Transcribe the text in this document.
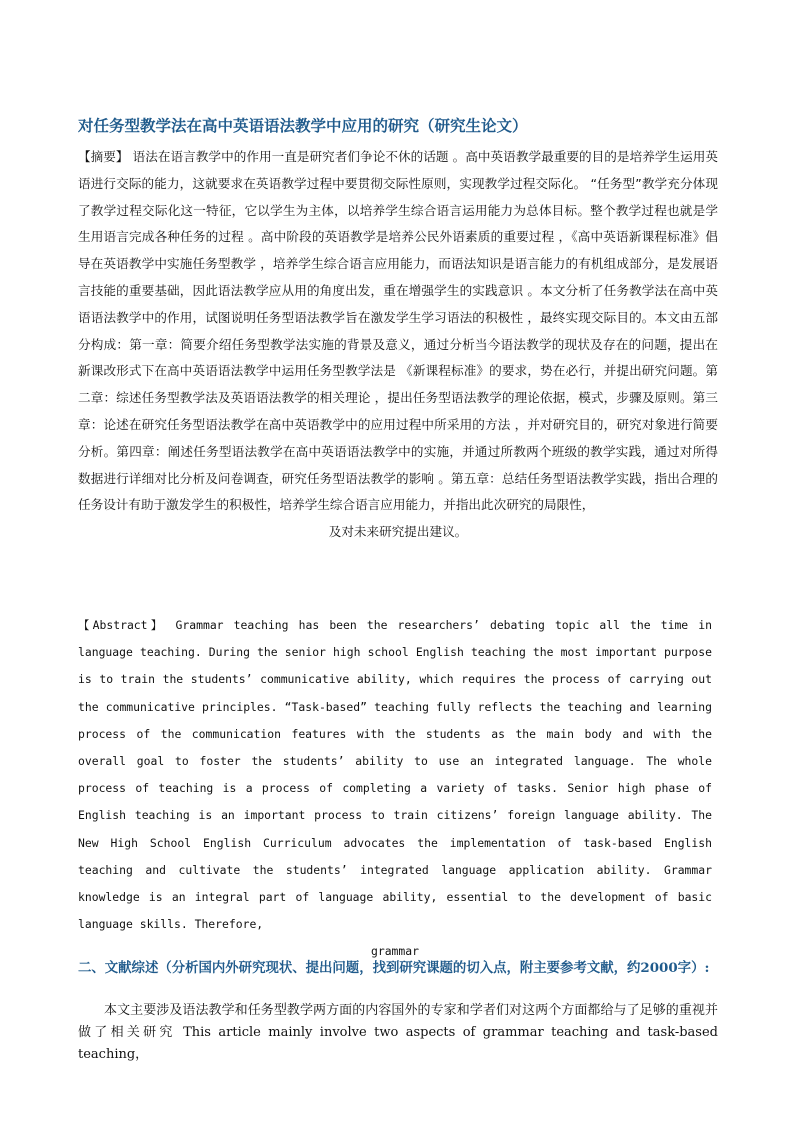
对任务型教学法在高中英语语法教学中应用的研究（研究生论文）

【摘要】 语法在语言教学中的作用一直是研究者们争论不休的话题 。高中英语教学最重要的目的是培养学生运用英语进行交际的能力，这就要求在英语教学过程中要贯彻交际性原则，实现教学过程交际化。 “任务型”教学充分体现了教学过程交际化这一特征，它以学生为主体，以培养学生综合语言运用能力为总体目标。整个教学过程也就是学生用语言完成各种任务的过程 。高中阶段的英语教学是培养公民外语素质的重要过程 ，《高中英语新课程标准》倡导在英语教学中实施任务型教学 ，培养学生综合语言应用能力，而语法知识是语言能力的有机组成部分，是发展语言技能的重要基础，因此语法教学应从用的角度出发，重在增强学生的实践意识 。本文分析了任务教学法在高中英语语法教学中的作用，试图说明任务型语法教学旨在激发学生学习语法的积极性 ，最终实现交际目的。本文由五部分构成：第一章：简要介绍任务型教学法实施的背景及意义，通过分析当今语法教学的现状及存在的问题，提出在新课改形式下在高中英语语法教学中运用任务型教学法是 《新课程标准》的要求，势在必行，并提出研究问题。第二章：综述任务型教学法及英语语法教学的相关理论 ，提出任务型语法教学的理论依据，模式，步骤及原则。第三章：论述在研究任务型语法教学在高中英语教学中的应用过程中所采用的方法 ，并对研究目的，研究对象进行简要分析。第四章：阐述任务型语法教学在高中英语语法教学中的实施，并通过所教两个班级的教学实践，通过对所得数据进行详细对比分析及问卷调查，研究任务型语法教学的影响 。第五章：总结任务型语法教学实践，指出合理的任务设计有助于激发学生的积极性，培养学生综合语言应用能力，并指出此次研究的局限性，

及对未来研究提出建议。

【Abstract】 Grammar teaching has been the researchers’ debating topic all the time in language teaching. During the senior high school English teaching the most important purpose is to train the students’ communicative ability, which requires the process of carrying out the communicative principles. “Task-based” teaching fully reflects the teaching and learning process of the communication features with the students as the main body and with the overall goal to foster the students’ ability to use an integrated language. The whole process of teaching is a process of completing a variety of tasks. Senior high phase of English teaching is an important process to train citizens’ foreign language ability. The New High School English Curriculum advocates the implementation of task-based English teaching and cultivate the students’ integrated language application ability. Grammar knowledge is an integral part of language ability, essential to the development of basic language skills. Therefore,

grammar

二、文献综述（分析国内外研究现状、提出问题，找到研究课题的切入点，附主要参考文献，约2000字）:

本文主要涉及语法教学和任务型教学两方面的内容国外的专家和学者们对这两个方面都给与了足够的重视并做了相关研究 This article mainly involve two aspects of grammar teaching and task-based teaching，
